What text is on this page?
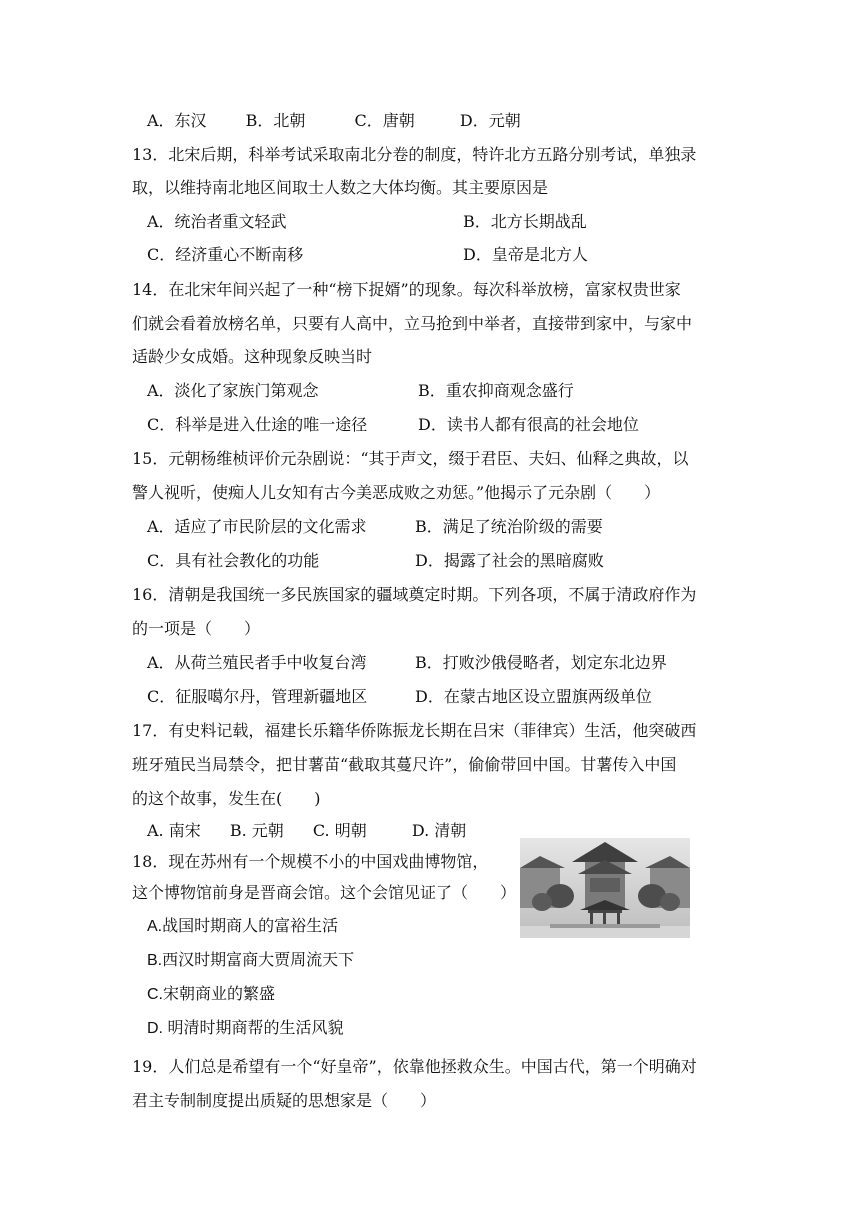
A．东汉 B．北朝	C．唐朝	D．元朝
13．北宋后期，科举考试采取南北分卷的制度，特许北方五路分别考试，单独录
取，以维持南北地区间取士人数之大体均衡。其主要原因是
A．统治者重文轻武	B．北方长期战乱
C．经济重心不断南移	D．皇帝是北方人
14．在北宋年间兴起了一种“榜下捉婿”的现象。每次科举放榜，富家权贵世家
们就会看着放榜名单，只要有人高中，立马抢到中举者，直接带到家中，与家中
适龄少女成婚。这种现象反映当时
A．淡化了家族门第观念	B．重农抑商观念盛行
C．科举是进入仕途的唯一途径	D．读书人都有很高的社会地位
15．元朝杨维桢评价元杂剧说：“其于声文，缀于君臣、夫妇、仙释之典故，以
警人视听，使痴人儿女知有古今美恶成败之劝惩。”他揭示了元杂剧（　　）
A．适应了市民阶层的文化需求	B．满足了统治阶级的需要
C．具有社会教化的功能	D．揭露了社会的黑暗腐败
16．清朝是我国统一多民族国家的疆域奠定时期。下列各项，不属于清政府作为
的一项是（　　）
A．从荷兰殖民者手中收复台湾	B．打败沙俄侵略者，划定东北边界
C．征服噶尔丹，管理新疆地区	D．在蒙古地区设立盟旗两级单位
17．有史料记载，福建长乐籍华侨陈振龙长期在吕宋（菲律宾）生活，他突破西
班牙殖民当局禁令，把甘薯苗“截取其蔓尺许”，偷偷带回中国。甘薯传入中国
的这个故事，发生在(　　)
A. 南宋 B. 元朝 C. 明朝	D. 清朝
18．现在苏州有一个规模不小的中国戏曲博物馆，
这个博物馆前身是晋商会馆。这个会馆见证了（　　）
A.战国时期商人的富裕生活
B.西汉时期富商大贾周流天下
C.宋朝商业的繁盛
D. 明清时期商帮的生活风貌
19．人们总是希望有一个“好皇帝”，依靠他拯救众生。中国古代，第一个明确对
君主专制制度提出质疑的思想家是（　　）
